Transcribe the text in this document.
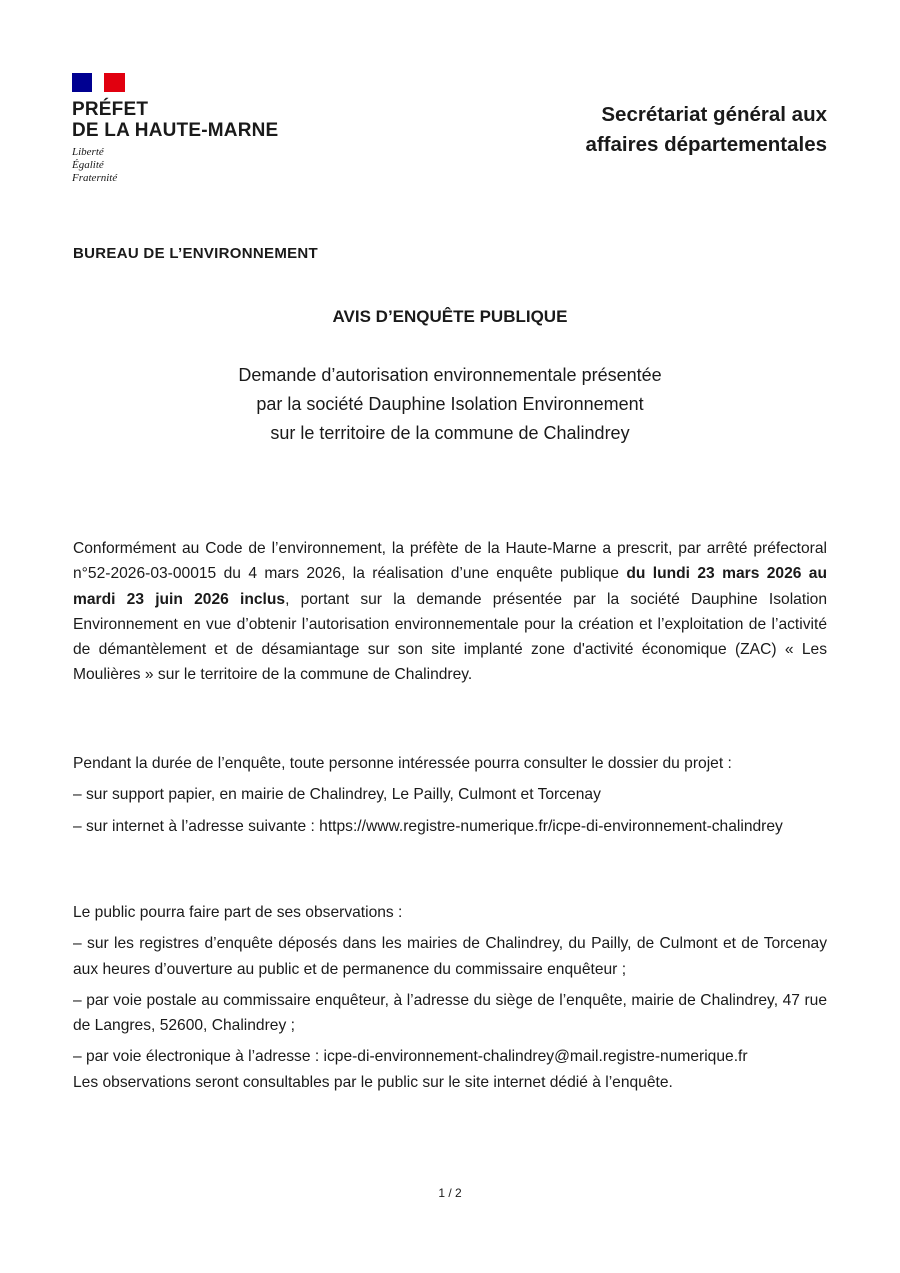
PRÉFET
DE LA HAUTE-MARNE
Liberté
Égalité
Fraternité
Secrétariat général aux
affaires départementales
BUREAU DE L’ENVIRONNEMENT
AVIS D’ENQUÊTE PUBLIQUE
Demande d’autorisation environnementale présentée
par la société Dauphine Isolation Environnement
sur le territoire de la commune de Chalindrey

Conformément au Code de l’environnement, la préfète de la Haute-Marne a prescrit, par arrêté préfectoral n°52-2026-03-00015 du 4 mars 2026, la réalisation d’une enquête publique du lundi 23 mars 2026 au mardi 23 juin 2026 inclus, portant sur la demande présentée par la société Dauphine Isolation Environnement en vue d’obtenir l’autorisation environnementale pour la création et l’exploitation de l’activité de démantèlement et de désamiantage sur son site implanté zone d'activité économique (ZAC) « Les Moulières » sur le territoire de la commune de Chalindrey.

Pendant la durée de l’enquête, toute personne intéressée pourra consulter le dossier du projet :

– sur support papier, en mairie de Chalindrey, Le Pailly, Culmont et Torcenay

– sur internet à l’adresse suivante : https://www.registre-numerique.fr/icpe-di-environnement-chalindrey

Le public pourra faire part de ses observations :

– sur les registres d’enquête déposés dans les mairies de Chalindrey, du Pailly, de Culmont et de Torcenay aux heures d’ouverture au public et de permanence du commissaire enquêteur ;

– par voie postale au commissaire enquêteur, à l’adresse du siège de l’enquête, mairie de Chalindrey, 47 rue de Langres, 52600, Chalindrey ;

– par voie électronique à l’adresse : icpe-di-environnement-chalindrey@mail.registre-numerique.fr

Les observations seront consultables par le public sur le site internet dédié à l’enquête.

1 / 2
